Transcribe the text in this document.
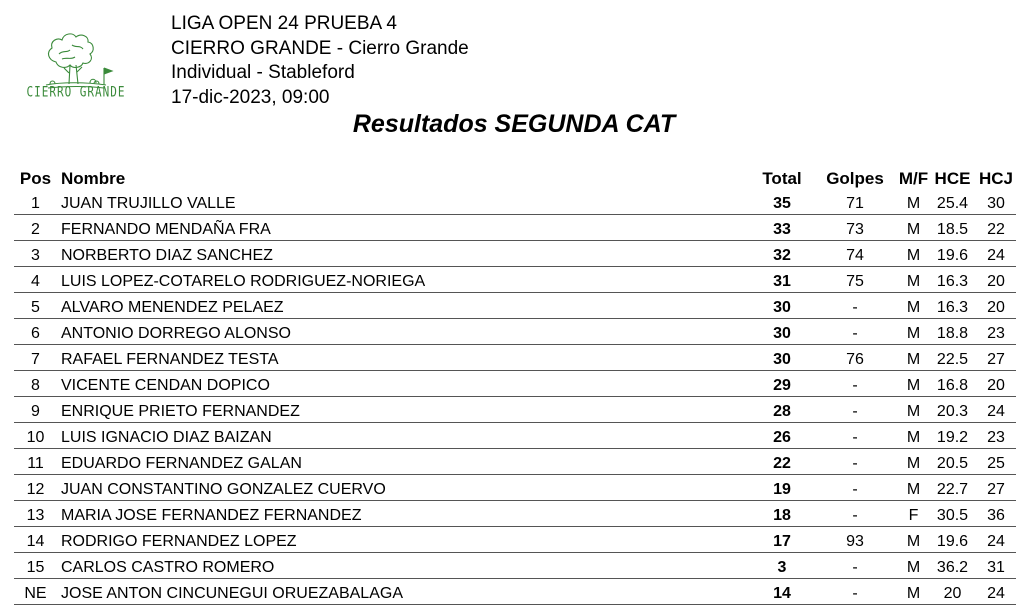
CIERRO GRANDE
LIGA OPEN 24 PRUEBA 4
CIERRO GRANDE - Cierro Grande
Individual - Stableford
17-dic-2023, 09:00
Resultados SEGUNDA CAT
Pos	Nombre	Total	Golpes	M/F	HCE	HCJ
1	JUAN TRUJILLO VALLE	35	71	M	25.4	30
2	FERNANDO MENDAÑA FRA	33	73	M	18.5	22
3	NORBERTO DIAZ SANCHEZ	32	74	M	19.6	24
4	LUIS LOPEZ-COTARELO RODRIGUEZ-NORIEGA	31	75	M	16.3	20
5	ALVARO MENENDEZ PELAEZ	30	-	M	16.3	20
6	ANTONIO DORREGO ALONSO	30	-	M	18.8	23
7	RAFAEL FERNANDEZ TESTA	30	76	M	22.5	27
8	VICENTE CENDAN DOPICO	29	-	M	16.8	20
9	ENRIQUE PRIETO FERNANDEZ	28	-	M	20.3	24
10	LUIS IGNACIO DIAZ BAIZAN	26	-	M	19.2	23
11	EDUARDO FERNANDEZ GALAN	22	-	M	20.5	25
12	JUAN CONSTANTINO GONZALEZ CUERVO	19	-	M	22.7	27
13	MARIA JOSE FERNANDEZ FERNANDEZ	18	-	F	30.5	36
14	RODRIGO FERNANDEZ LOPEZ	17	93	M	19.6	24
15	CARLOS CASTRO ROMERO	3	-	M	36.2	31
NE	JOSE ANTON CINCUNEGUI ORUEZABALAGA	14	-	M	20	24
